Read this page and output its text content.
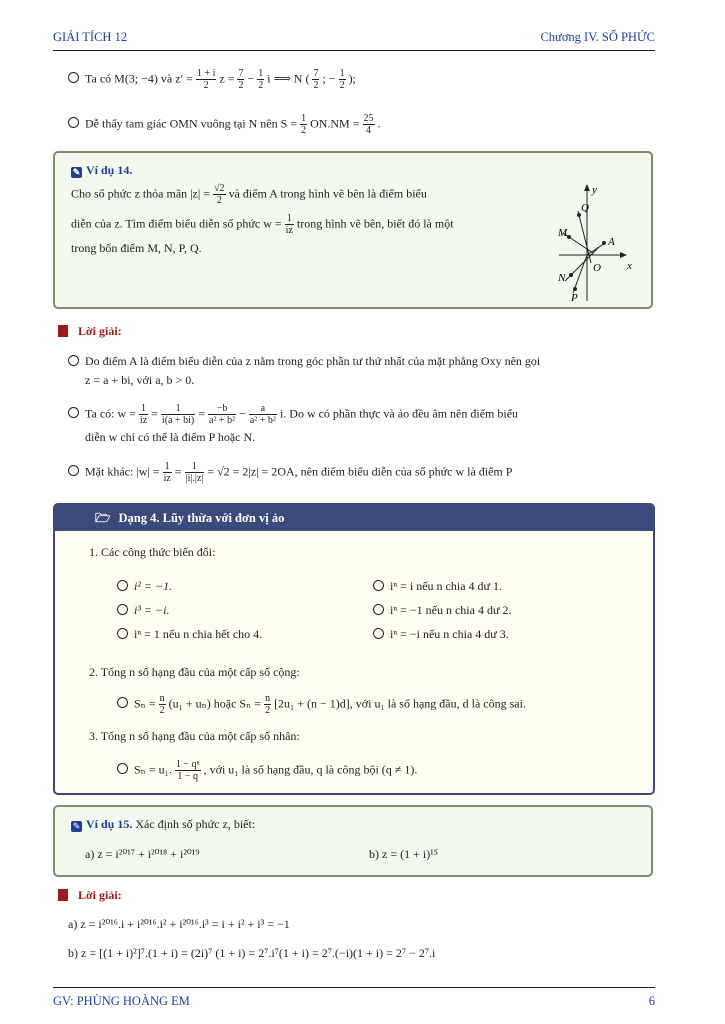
GIẢI TÍCH 12	Chương IV. SỐ PHỨC
Ta có M(3; −4) và $z' = \frac{1 + i}{2}$ $z = \frac{7}{2} - \frac{1}{2}$ i ⟹ N ( $\frac{7}{2}$ ; − $\frac{1}{2}$ );
Dễ thấy tam giác OMN vuông tại N nên $S = \frac{1}{2} ON.NM = \frac{25}{4}$ .
✎ Ví dụ 14.
Cho số phức z thỏa mãn $|z| = \frac{√2}{2}$ và điểm A trong hình vẽ bên là điểm biểu
diễn của z. Tìm điểm biểu diễn số phức $w = \frac{1}{iz}$ trong hình vẽ bên, biết đó là một
trong bốn điểm M, N, P, Q.
y
x
O
Q
M
A
N
P
Lời giải:
Do điểm A là điểm biểu diễn của z nằm trong góc phần tư thứ nhất của mặt phẳng Oxy nên gọi
z = a + bi, với a, b > 0.
Ta có: $w = \frac{1}{iz} = \frac{1}{i(a + bi)} = \frac{-b}{\text{a² + b²}} - \frac{a}{\text{a² + b²}} i$. Do w có phần thực và ảo đều âm nên điểm biểu
diễn w chỉ có thể là điểm P hoặc N.
Mặt khác: $|w| = \frac{1}{iz} = \frac{1}{|i|.|z|} = √2 = 2|z| = 2OA$, nên điểm biểu diễn của số phức w là điểm P
🗁 Dạng 4. Lũy thừa với đơn vị ảo
1. Các công thức biến đổi:
i² = −1.	iⁿ = i nếu n chia 4 dư 1.
i³ = −i.	iⁿ = −1 nếu n chia 4 dư 2.
iⁿ = 1 nếu n chia hết cho 4.	iⁿ = −i nếu n chia 4 dư 3.
2. Tổng n số hạng đầu của một cấp số cộng:
$S_n = \frac{n}{2} (u_1 + u_n)$ hoặc $S_n = \frac{n}{2} [2u_1 + (n - 1)d]$, với u₁ là số hạng đầu, d là công sai.
3. Tổng n số hạng đầu của một cấp số nhân:
Sₙ = u₁. $\frac{\text{1 − qⁿ}}{1 - q}$ , với u₁ là số hạng đầu, q là công bội (q ≠ 1).
✎ Ví dụ 15. Xác định số phức z, biết:
a) z = i²⁰¹⁷ + i²⁰¹⁸ + i²⁰¹⁹	b) z = (1 + i)¹⁵
Lời giải:
a) z = i²⁰¹⁶.i + i²⁰¹⁶.i² + i²⁰¹⁶.i³ = i + i² + i³ = −1
b) z = [(1 + i)²]⁷.(1 + i) = (2i)⁷ (1 + i) = 2⁷.i⁷(1 + i) = 2⁷.(−i)(1 + i) = 2⁷ − 2⁷.i
GV: PHÙNG HOÀNG EM	6
